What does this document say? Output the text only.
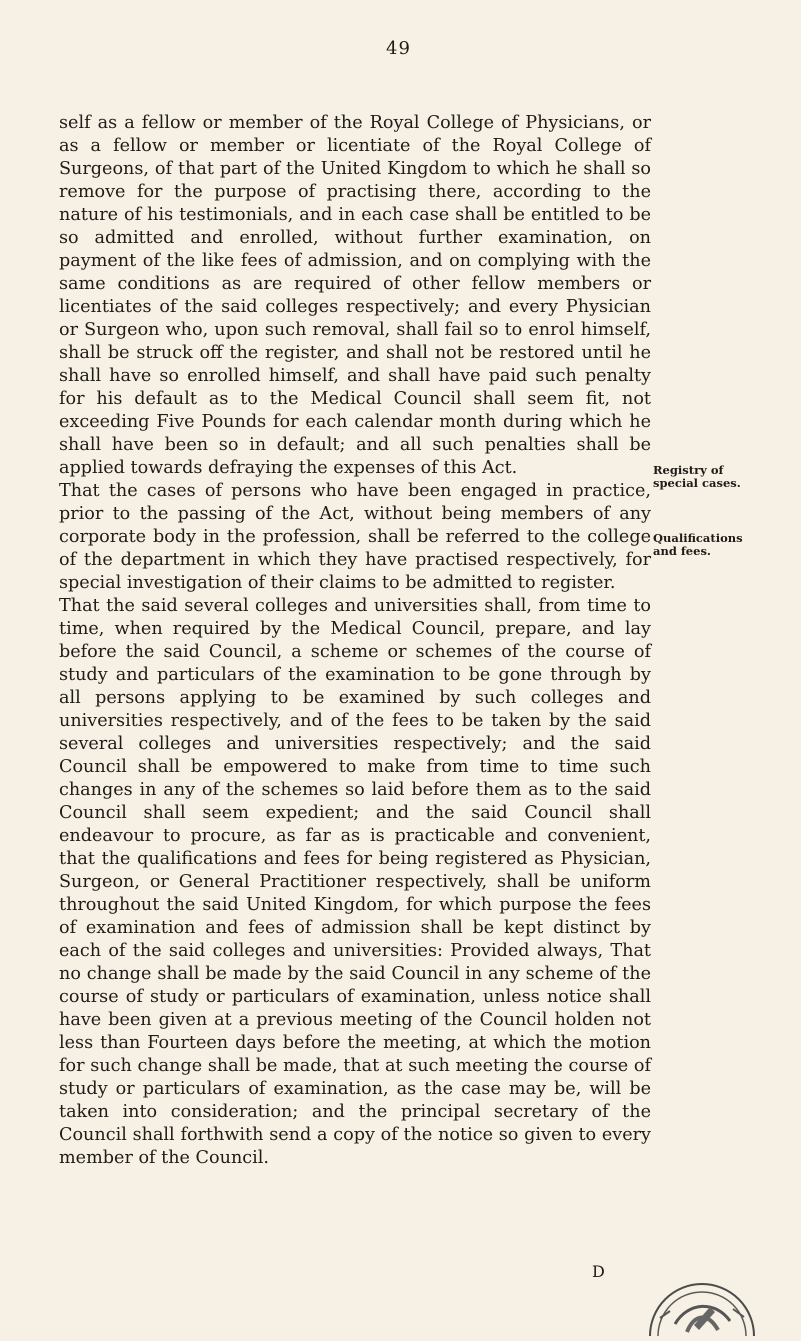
49

self as a fellow or member of the Royal College of Physicians, or as a fellow or member or licentiate of the Royal College of Surgeons, of that part of the United Kingdom to which he shall so remove for the purpose of practising there, according to the nature of his testimonials, and in each case shall be entitled to be so admitted and enrolled, without further examination, on payment of the like fees of admission, and on complying with the same conditions as are required of other fellow members or licentiates of the said colleges respectively; and every Physician or Surgeon who, upon such removal, shall fail so to enrol himself, shall be struck off the register, and shall not be restored until he shall have so enrolled himself, and shall have paid such penalty for his default as to the Medical Council shall seem fit, not exceeding Five Pounds for each calendar month during which he shall have been so in default; and all such penalties shall be applied towards defraying the expenses of this Act.

That the cases of persons who have been engaged in practice, prior to the passing of the Act, without being members of any corporate body in the profession, shall be referred to the college of the department in which they have practised respectively, for special investigation of their claims to be admitted to register.

That the said several colleges and universities shall, from time to time, when required by the Medical Council, prepare, and lay before the said Council, a scheme or schemes of the course of study and particulars of the examination to be gone through by all persons applying to be examined by such colleges and universities respectively, and of the fees to be taken by the said several colleges and universities respectively; and the said Council shall be empowered to make from time to time such changes in any of the schemes so laid before them as to the said Council shall seem expedient; and the said Council shall endeavour to procure, as far as is practicable and convenient, that the qualifications and fees for being registered as Physician, Surgeon, or General Practitioner respectively, shall be uniform throughout the said United Kingdom, for which purpose the fees of examination and fees of admission shall be kept distinct by each of the said colleges and universities: Provided always, That no change shall be made by the said Council in any scheme of the course of study or particulars of examination, unless notice shall have been given at a previous meeting of the Council holden not less than Fourteen days before the meeting, at which the motion for such change shall be made, that at such meeting the course of study or particulars of examination, as the case may be, will be taken into consideration; and the principal secretary of the Council shall forthwith send a copy of the notice so given to every member of the Council.

Registry of special cases.
Qualifications and fees.
D
